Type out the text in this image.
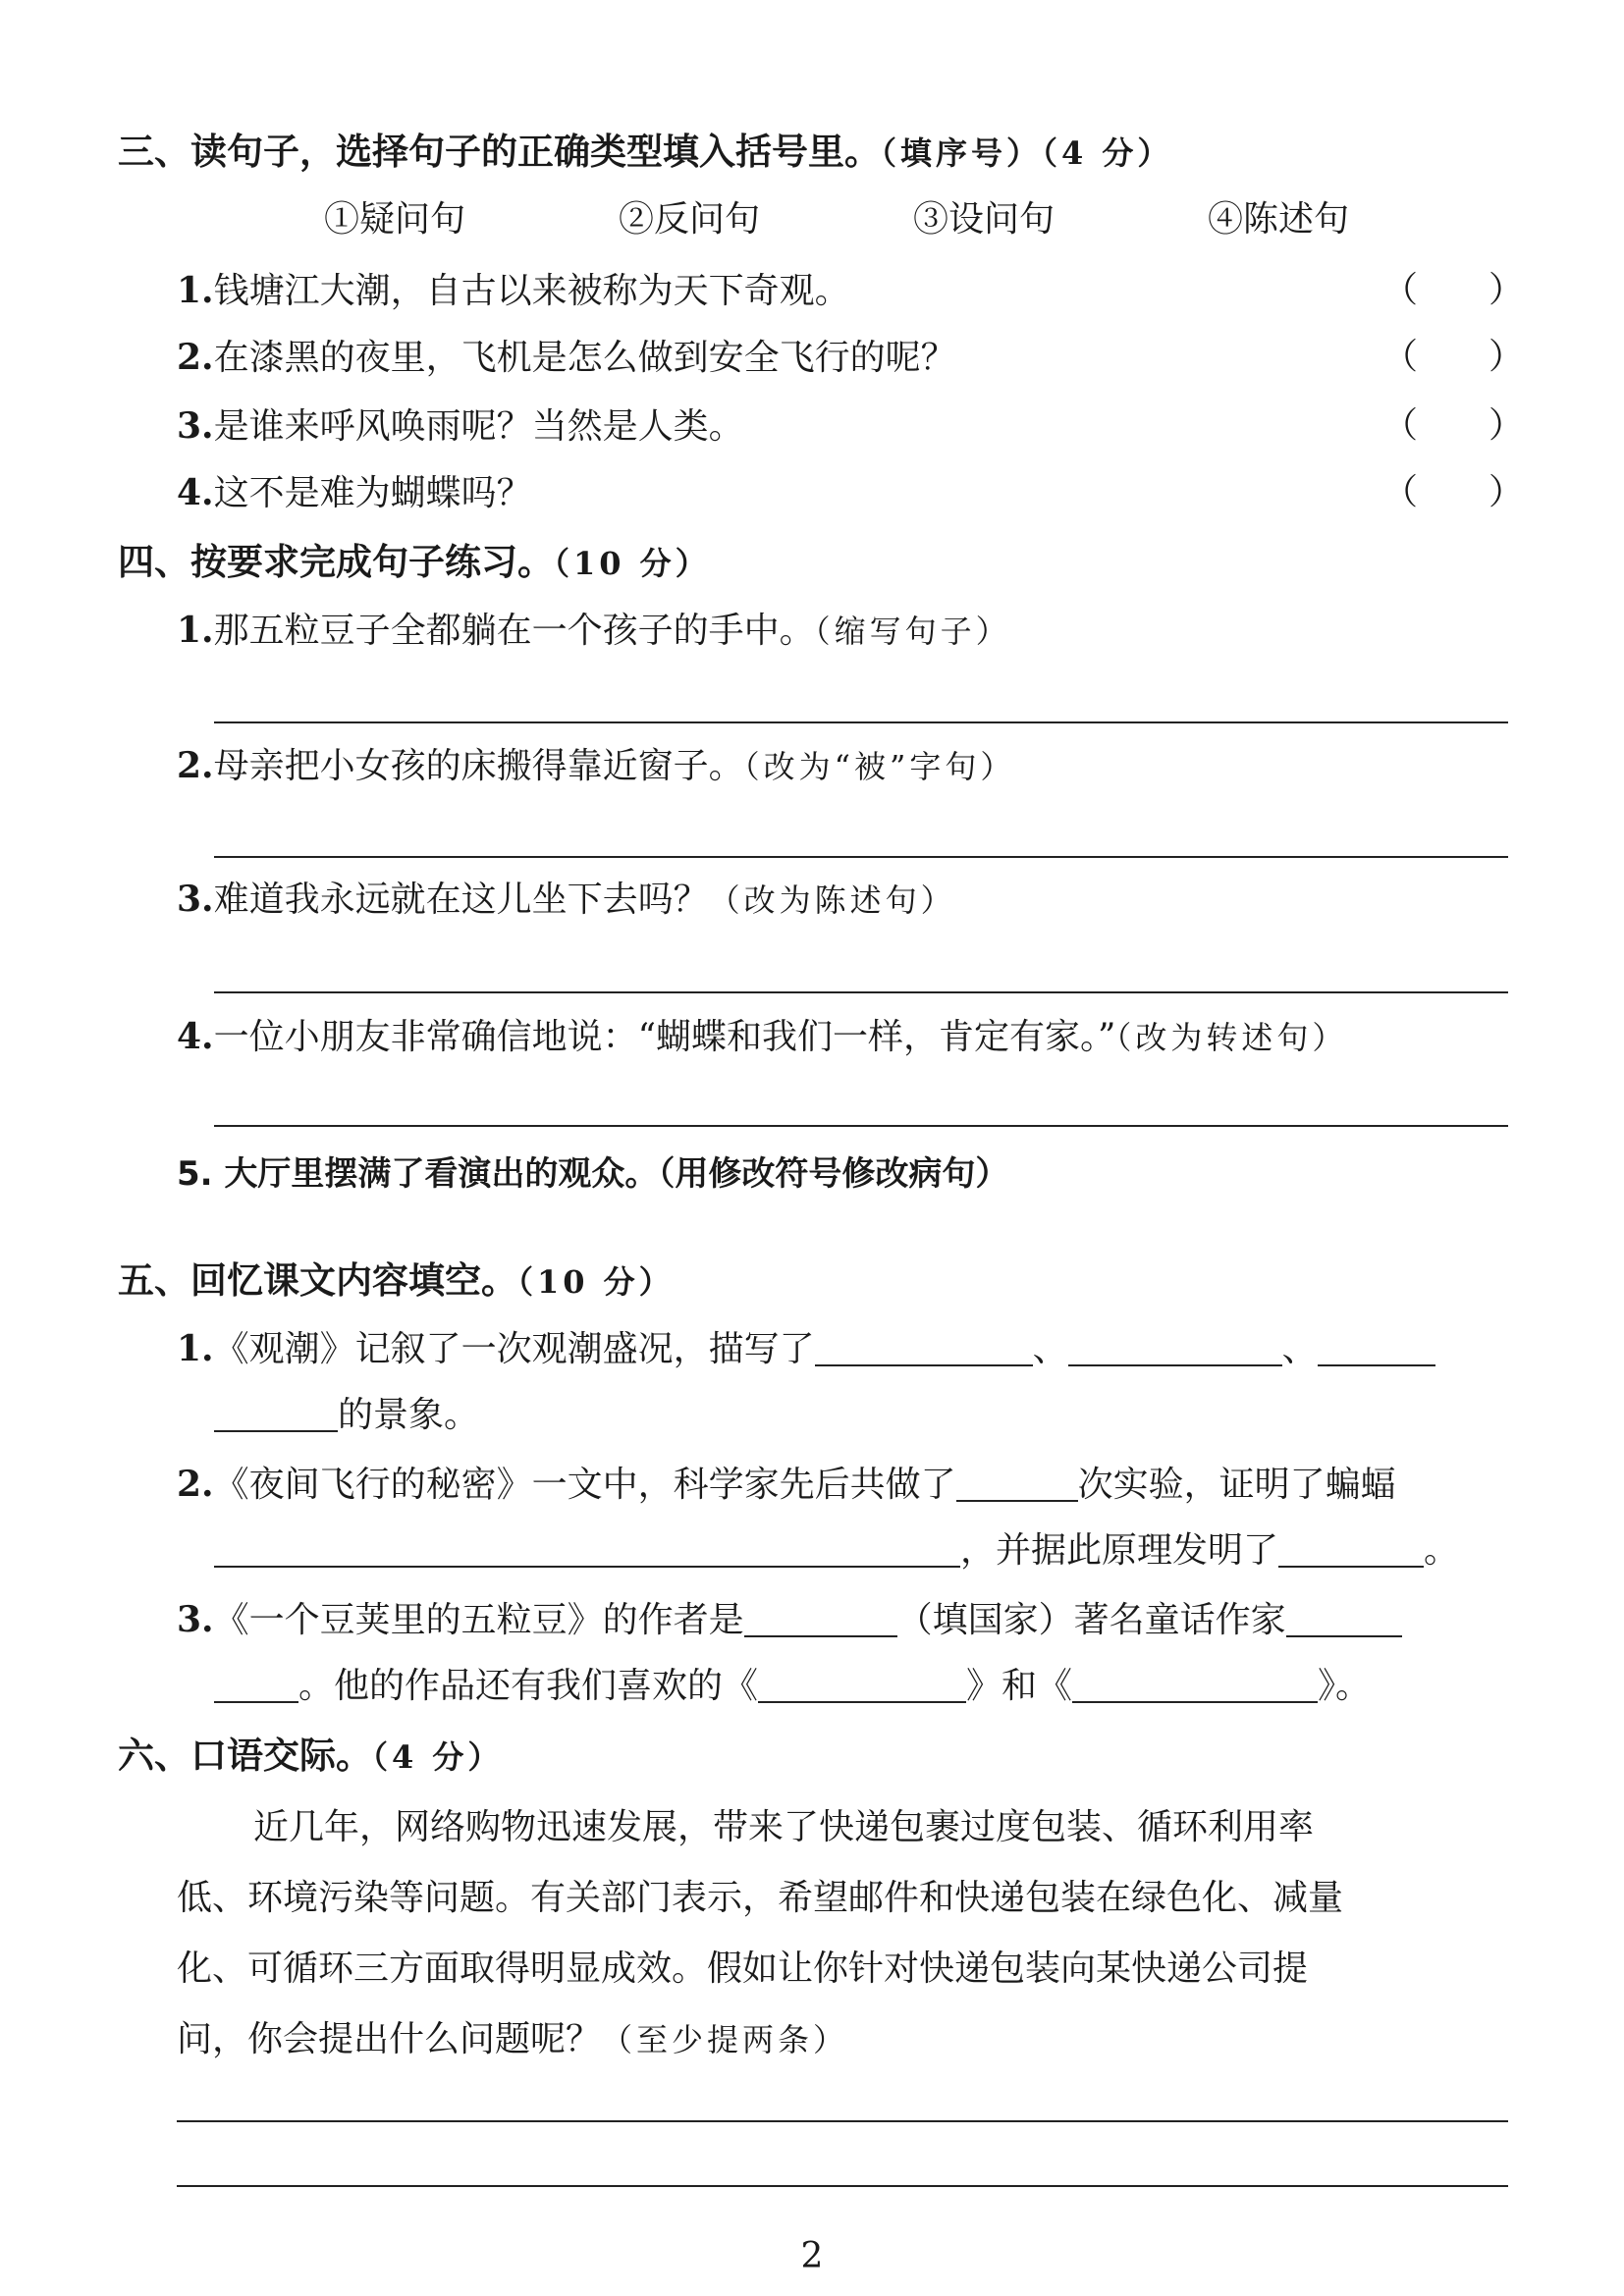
三、读句子，选择句子的正确类型填入括号里。（填序号）（4 分）
①疑问句	②反问句	③设问句	④陈述句
1.钱塘江大潮，自古以来被称为天下奇观。	（　　）
2.在漆黑的夜里，飞机是怎么做到安全飞行的呢？	（　　）
3.是谁来呼风唤雨呢？当然是人类。	（　　）
4.这不是难为蝴蝶吗？	（　　）
四、按要求完成句子练习。（10 分）
1.那五粒豆子全都躺在一个孩子的手中。（缩写句子）
2.母亲把小女孩的床搬得靠近窗子。（改为“被”字句）
3.难道我永远就在这儿坐下去吗？（改为陈述句）
4.一位小朋友非常确信地说：“蝴蝶和我们一样，肯定有家。”（改为转述句）
5. 大厅里摆满了看演出的观众。（用修改符号修改病句）
五、回忆课文内容填空。（10 分）
1.《观潮》记叙了一次观潮盛况，描写了	、	、
的景象。
2.《夜间飞行的秘密》一文中，科学家先后共做了	次实验，证明了蝙蝠
，并据此原理发明了	。
3.《一个豆荚里的五粒豆》的作者是	（填国家）著名童话作家
。他的作品还有我们喜欢的《	》和《	》。
六、口语交际。（4 分）
近几年，网络购物迅速发展，带来了快递包裹过度包装、循环利用率
低、环境污染等问题。有关部门表示，希望邮件和快递包装在绿色化、减量
化、可循环三方面取得明显成效。假如让你针对快递包装向某快递公司提
问，你会提出什么问题呢？（至少提两条）
2
